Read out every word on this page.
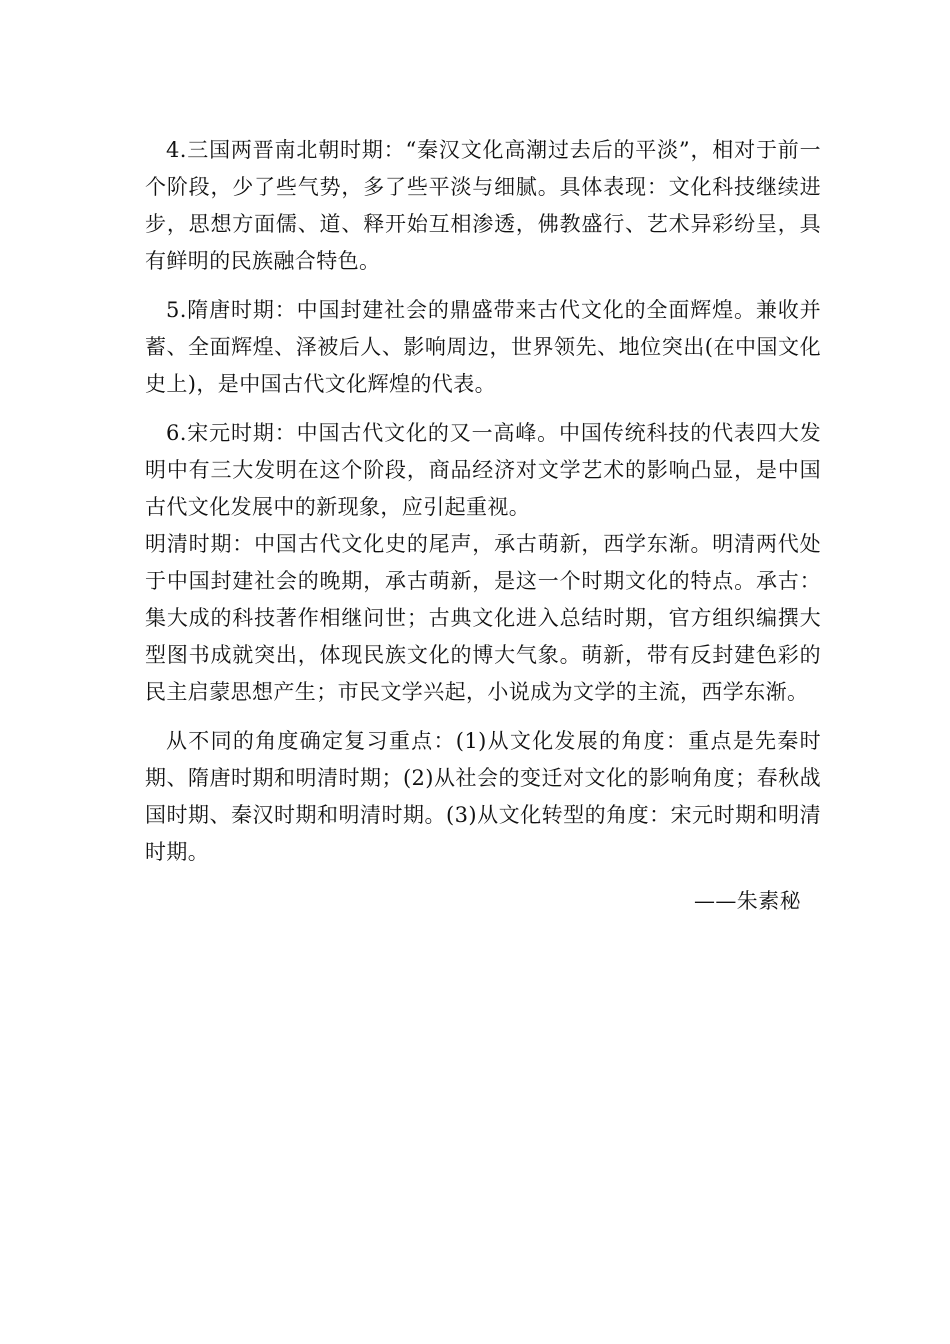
4.三国两晋南北朝时期：“秦汉文化高潮过去后的平淡”，相对于前一个阶段，少了些气势，多了些平淡与细腻。具体表现：文化科技继续进步，思想方面儒、道、释开始互相渗透，佛教盛行、艺术异彩纷呈，具有鲜明的民族融合特色。

5.隋唐时期：中国封建社会的鼎盛带来古代文化的全面辉煌。兼收并蓄、全面辉煌、泽被后人、影响周边，世界领先、地位突出(在中国文化史上)，是中国古代文化辉煌的代表。

6.宋元时期：中国古代文化的又一高峰。中国传统科技的代表四大发明中有三大发明在这个阶段，商品经济对文学艺术的影响凸显，是中国古代文化发展中的新现象，应引起重视。

明清时期：中国古代文化史的尾声，承古萌新，西学东渐。明清两代处于中国封建社会的晚期，承古萌新，是这一个时期文化的特点。承古：集大成的科技著作相继问世；古典文化进入总结时期，官方组织编撰大型图书成就突出，体现民族文化的博大气象。萌新，带有反封建色彩的民主启蒙思想产生；市民文学兴起，小说成为文学的主流，西学东渐。

从不同的角度确定复习重点：(1)从文化发展的角度：重点是先秦时期、隋唐时期和明清时期；(2)从社会的变迁对文化的影响角度；春秋战国时期、秦汉时期和明清时期。(3)从文化转型的角度：宋元时期和明清时期。

——朱素秘
